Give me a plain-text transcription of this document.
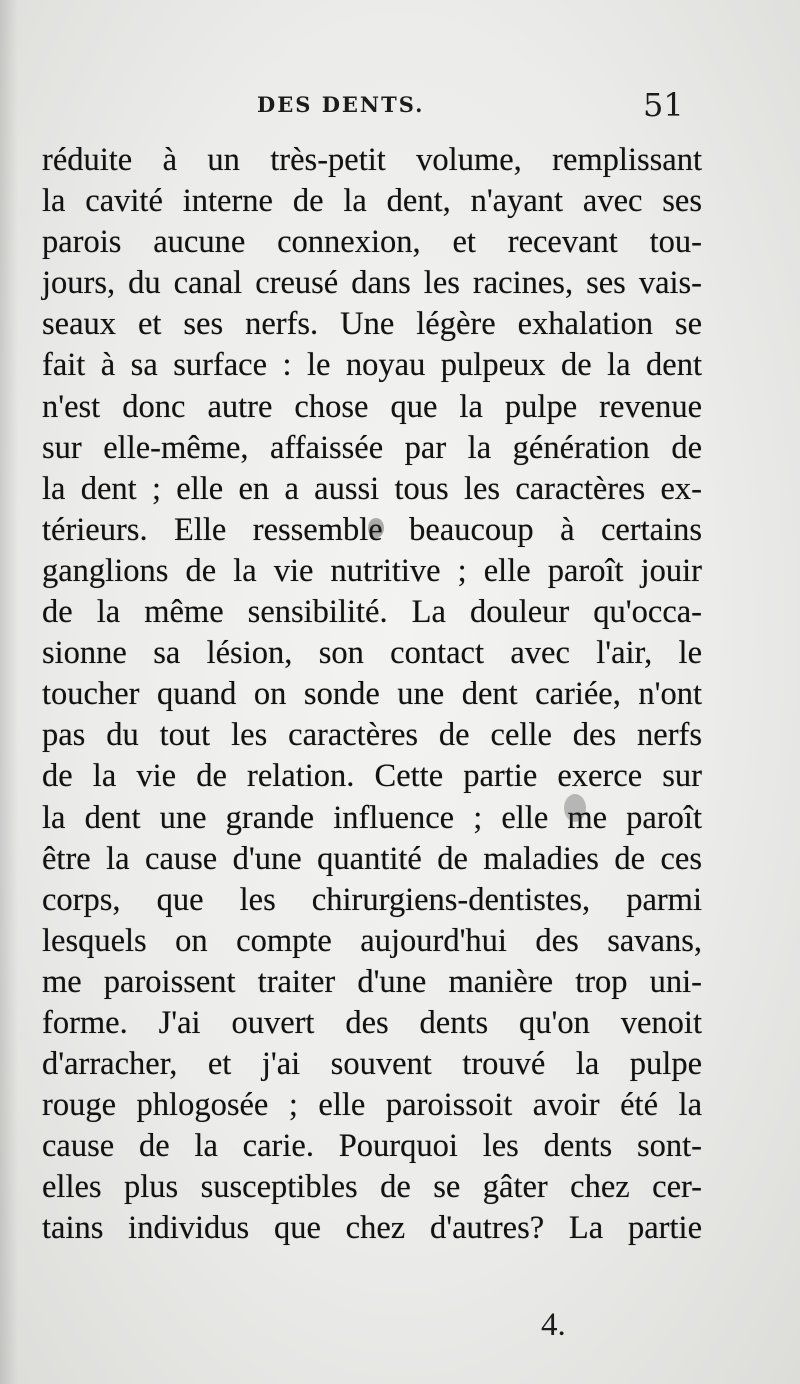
DES DENTS.	51
réduite à un très-petit volume, remplissant
la cavité interne de la dent, n'ayant avec ses
parois aucune connexion, et recevant tou-
jours, du canal creusé dans les racines, ses vais-
seaux et ses nerfs. Une légère exhalation se
fait à sa surface : le noyau pulpeux de la dent
n'est donc autre chose que la pulpe revenue
sur elle-même, affaissée par la génération de
la dent ; elle en a aussi tous les caractères ex-
térieurs. Elle ressemble beaucoup à certains
ganglions de la vie nutritive ; elle paroît jouir
de la même sensibilité. La douleur qu'occa-
sionne sa lésion, son contact avec l'air, le
toucher quand on sonde une dent cariée, n'ont
pas du tout les caractères de celle des nerfs
de la vie de relation. Cette partie exerce sur
la dent une grande influence ; elle me paroît
être la cause d'une quantité de maladies de ces
corps, que les chirurgiens-dentistes, parmi
lesquels on compte aujourd'hui des savans,
me paroissent traiter d'une manière trop uni-
forme. J'ai ouvert des dents qu'on venoit
d'arracher, et j'ai souvent trouvé la pulpe
rouge phlogosée ; elle paroissoit avoir été la
cause de la carie. Pourquoi les dents sont-
elles plus susceptibles de se gâter chez cer-
tains individus que chez d'autres? La partie
4.
